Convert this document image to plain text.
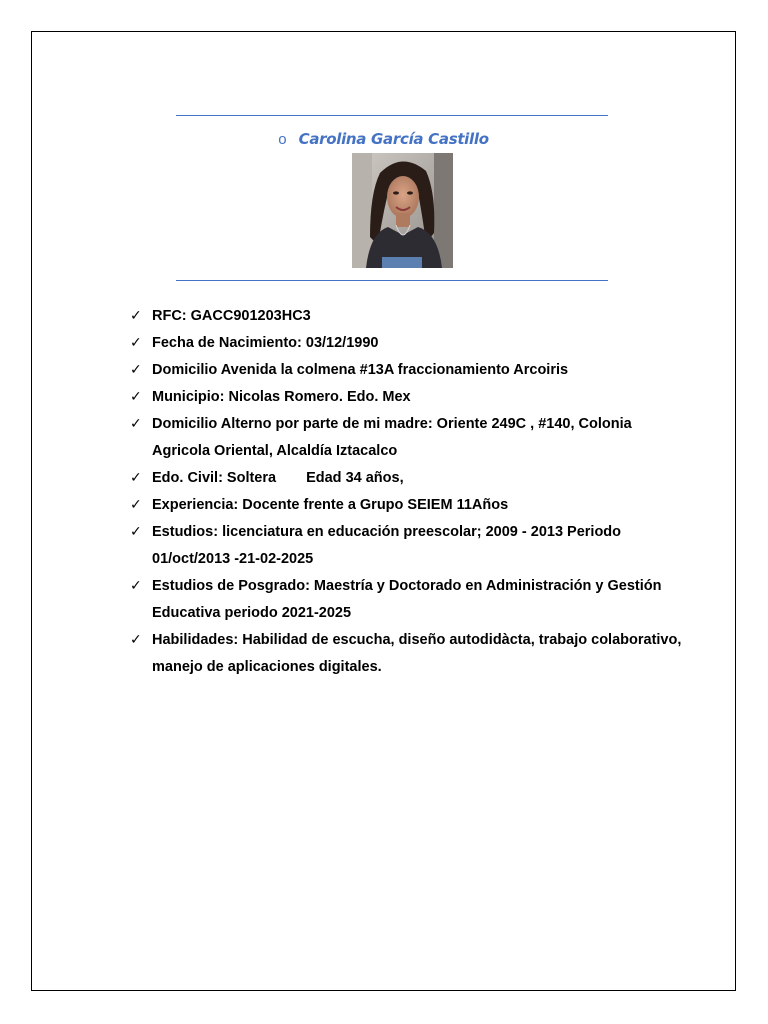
o Carolina García Castillo
✓ RFC: GACC901203HC3
✓ Fecha de Nacimiento: 03/12/1990
✓ Domicilio Avenida la colmena #13A fraccionamiento Arcoiris
✓ Municipio: Nicolas Romero. Edo. Mex
✓ Domicilio Alterno por parte de mi madre: Oriente 249C , #140, Colonia Agricola Oriental, Alcaldía Iztacalco
✓ Edo. Civil: Soltera Edad 34 años,
✓ Experiencia: Docente frente a Grupo SEIEM 11Años
✓ Estudios: licenciatura en educación preescolar; 2009 - 2013 Periodo 01/oct/2013 -21-02-2025
✓ Estudios de Posgrado: Maestría y Doctorado en Administración y Gestión Educativa periodo 2021-2025
✓ Habilidades: Habilidad de escucha, diseño autodidàcta, trabajo colaborativo, manejo de aplicaciones digitales.
